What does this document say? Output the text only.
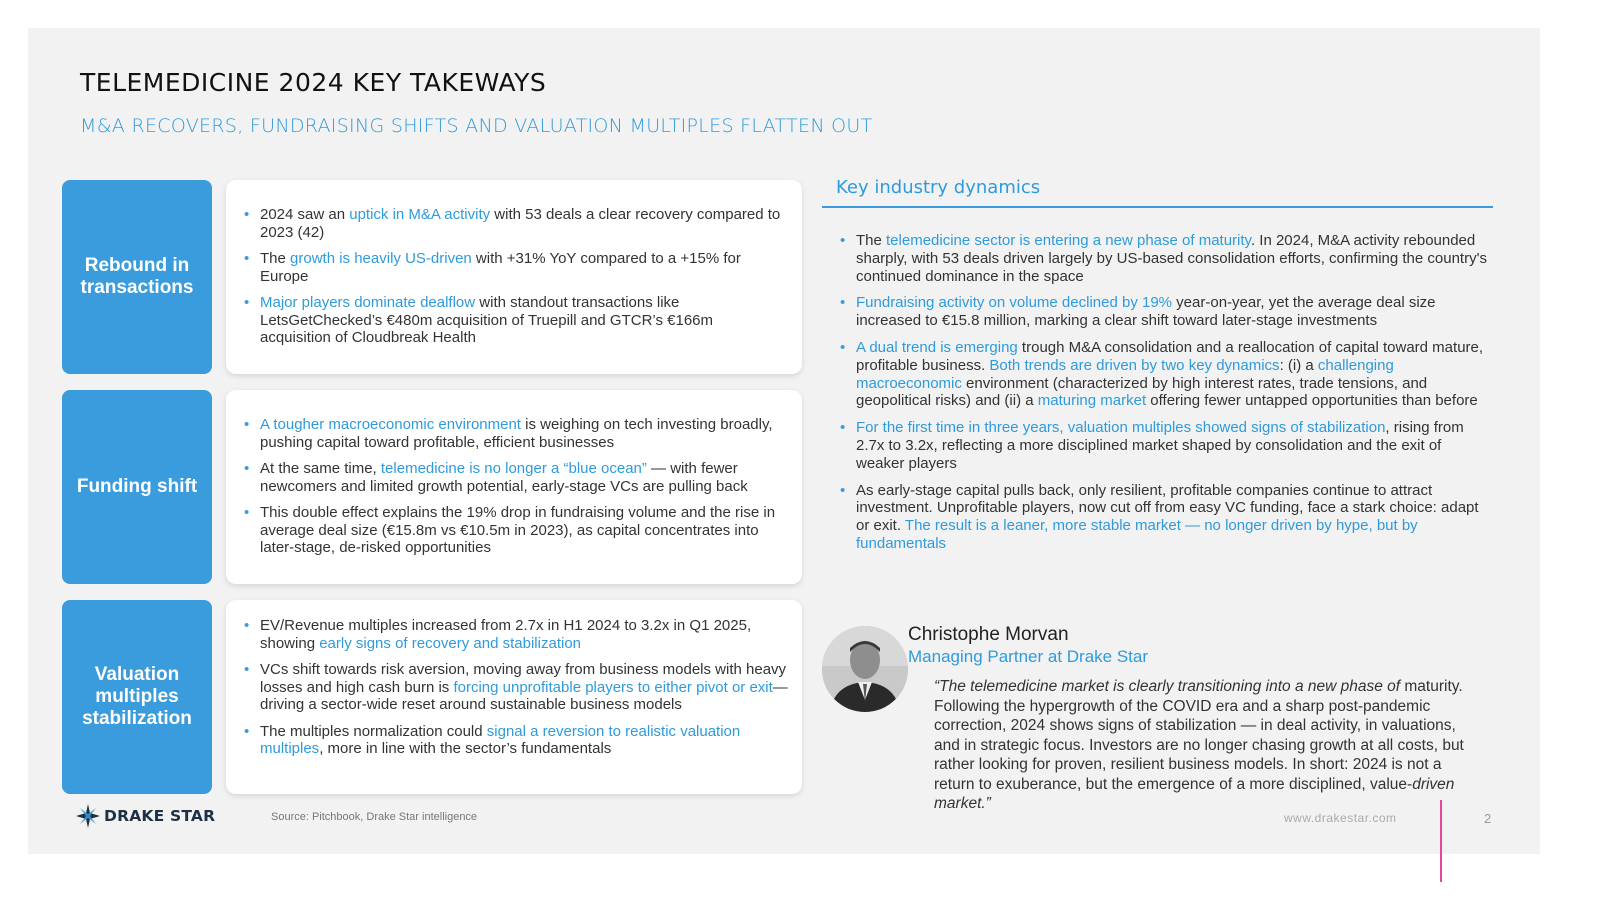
TELEMEDICINE 2024 KEY TAKEWAYS
M&A RECOVERS, FUNDRAISING SHIFTS AND VALUATION MULTIPLES FLATTEN OUT
Rebound in transactions
• 2024 saw an uptick in M&A activity with 53 deals a clear recovery compared to 2023 (42)
• The growth is heavily US-driven with +31% YoY compared to a +15% for Europe
• Major players dominate dealflow with standout transactions like LetsGetChecked’s €480m acquisition of Truepill and GTCR’s €166m acquisition of Cloudbreak Health
Funding shift
• A tougher macroeconomic environment is weighing on tech investing broadly, pushing capital toward profitable, efficient businesses
• At the same time, telemedicine is no longer a “blue ocean” — with fewer newcomers and limited growth potential, early-stage VCs are pulling back
• This double effect explains the 19% drop in fundraising volume and the rise in average deal size (€15.8m vs €10.5m in 2023), as capital concentrates into later-stage, de-risked opportunities
Valuation multiples stabilization
• EV/Revenue multiples increased from 2.7x in H1 2024 to 3.2x in Q1 2025, showing early signs of recovery and stabilization
• VCs shift towards risk aversion, moving away from business models with heavy losses and high cash burn is forcing unprofitable players to either pivot or exit—driving a sector-wide reset around sustainable business models
• The multiples normalization could signal a reversion to realistic valuation multiples, more in line with the sector’s fundamentals
Key industry dynamics
• The telemedicine sector is entering a new phase of maturity. In 2024, M&A activity rebounded sharply, with 53 deals driven largely by US-based consolidation efforts, confirming the country's continued dominance in the space
• Fundraising activity on volume declined by 19% year-on-year, yet the average deal size increased to €15.8 million, marking a clear shift toward later-stage investments
• A dual trend is emerging trough M&A consolidation and a reallocation of capital toward mature, profitable business. Both trends are driven by two key dynamics: (i) a challenging macroeconomic environment (characterized by high interest rates, trade tensions, and geopolitical risks) and (ii) a maturing market offering fewer untapped opportunities than before
• For the first time in three years, valuation multiples showed signs of stabilization, rising from 2.7x to 3.2x, reflecting a more disciplined market shaped by consolidation and the exit of weaker players
• As early-stage capital pulls back, only resilient, profitable companies continue to attract investment. Unprofitable players, now cut off from easy VC funding, face a stark choice: adapt or exit. The result is a leaner, more stable market — no longer driven by hype, but by fundamentals
Christophe Morvan
Managing Partner at Drake Star
“The telemedicine market is clearly transitioning into a new phase of maturity. Following the hypergrowth of the COVID era and a sharp post-pandemic correction, 2024 shows signs of stabilization — in deal activity, in valuations, and in strategic focus. Investors are no longer chasing growth at all costs, but rather looking for proven, resilient business models. In short: 2024 is not a return to exuberance, but the emergence of a more disciplined, value-driven market.”
DRAKE STAR	Source: Pitchbook, Drake Star intelligence	www.drakestar.com	2
